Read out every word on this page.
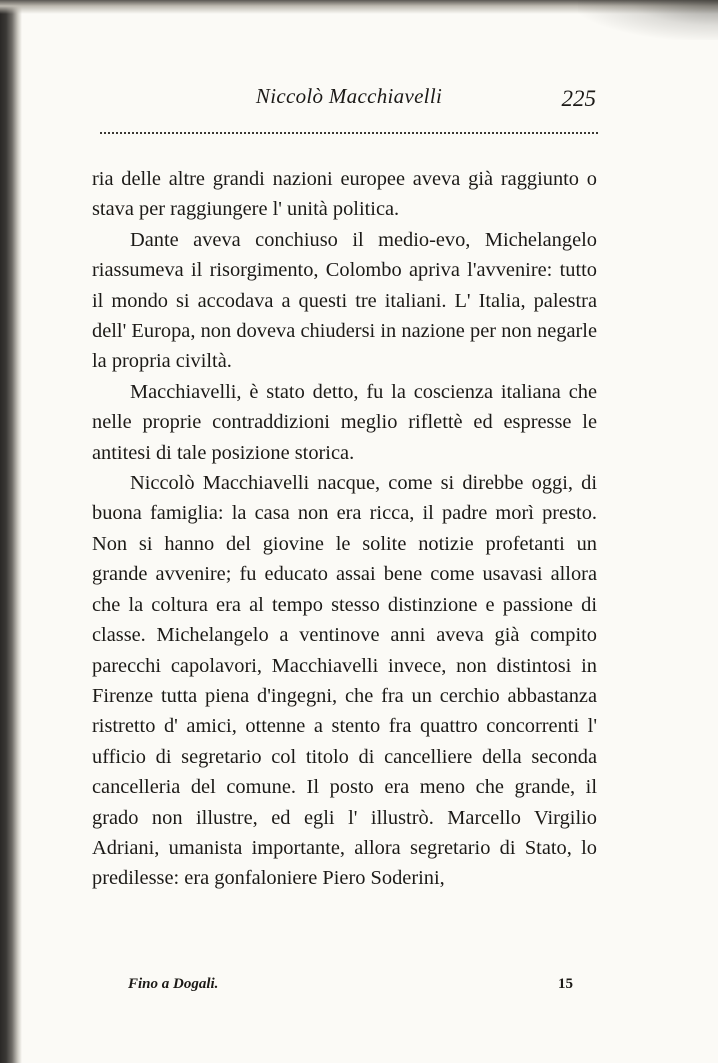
Niccolò Macchiavelli	225

ria delle altre grandi nazioni europee aveva già raggiunto o stava per raggiungere l' unità politica.

Dante aveva conchiuso il medio-evo, Michelangelo riassumeva il risorgimento, Colombo apriva l'avvenire: tutto il mondo si accodava a questi tre italiani. L' Italia, palestra dell' Europa, non doveva chiudersi in nazione per non negarle la propria civiltà.

Macchiavelli, è stato detto, fu la coscienza italiana che nelle proprie contraddizioni meglio riflettè ed espresse le antitesi di tale posizione storica.

Niccolò Macchiavelli nacque, come si direbbe oggi, di buona famiglia: la casa non era ricca, il padre morì presto. Non si hanno del giovine le solite notizie profetanti un grande avvenire; fu educato assai bene come usavasi allora che la coltura era al tempo stesso distinzione e passione di classe. Michelangelo a ventinove anni aveva già compito parecchi capolavori, Macchiavelli invece, non distintosi in Firenze tutta piena d'ingegni, che fra un cerchio abbastanza ristretto d' amici, ottenne a stento fra quattro concorrenti l' ufficio di segretario col titolo di cancelliere della seconda cancelleria del comune. Il posto era meno che grande, il grado non illustre, ed egli l' illustrò. Marcello Virgilio Adriani, umanista importante, allora segretario di Stato, lo predilesse: era gonfaloniere Piero Soderini,

Fino a Dogali.	15
